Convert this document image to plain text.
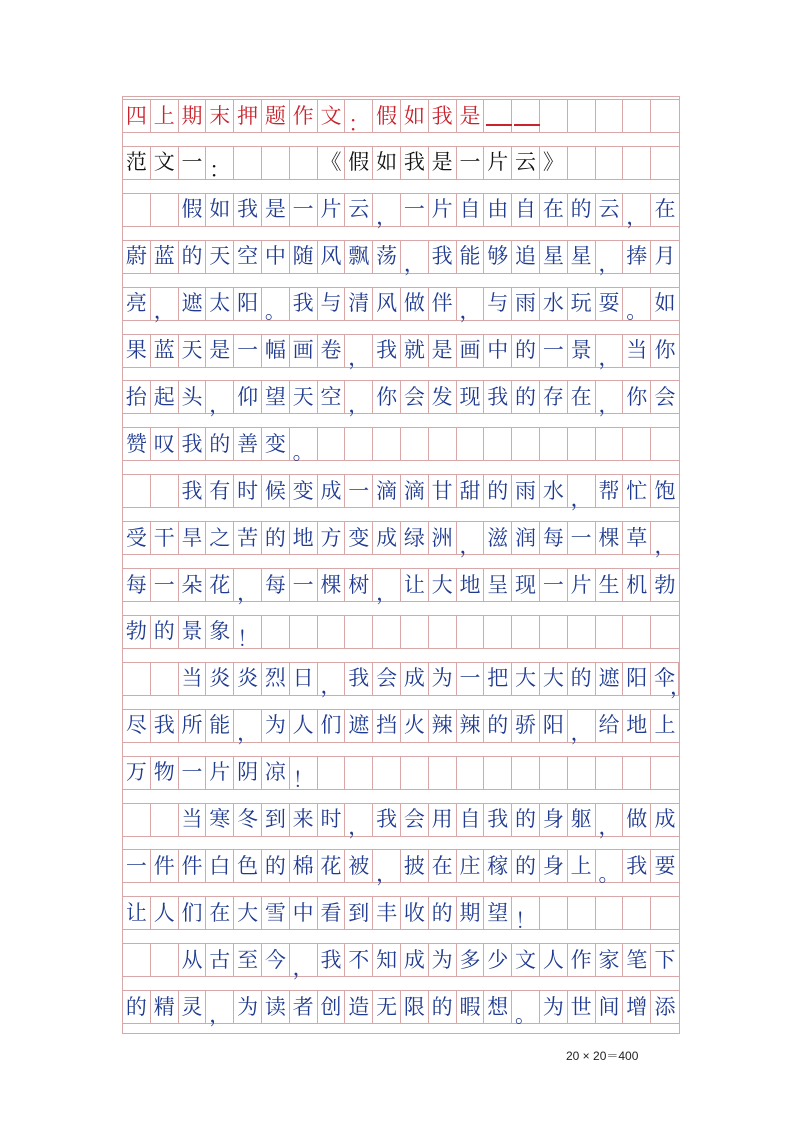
四 上 期 末 押 题 作 文 ： 假 如 我 是
范 文 一 ：	《 假 如 我 是 一 片 云 》
假 如 我 是 一 片 云 ， 一 片 自 由 自 在 的 云 ， 在
蔚 蓝 的 天 空 中 随 风 飘 荡 ， 我 能 够 追 星 星 ， 捧 月
亮 ， 遮 太 阳 。 我 与 清 风 做 伴 ， 与 雨 水 玩 耍 。 如
果 蓝 天 是 一 幅 画 卷 ， 我 就 是 画 中 的 一 景 ， 当 你
抬 起 头 ， 仰 望 天 空 ， 你 会 发 现 我 的 存 在 ， 你 会
赞 叹 我 的 善 变 。
我 有 时 候 变 成 一 滴 滴 甘 甜 的 雨 水 ， 帮 忙 饱
受 干 旱 之 苦 的 地 方 变 成 绿 洲 ， 滋 润 每 一 棵 草 ，
每 一 朵 花 ， 每 一 棵 树 ， 让 大 地 呈 现 一 片 生 机 勃
勃 的 景 象 ！
当 炎 炎 烈 日 ， 我 会 成 为 一 把 大 大 的 遮 阳 伞
，
尽 我 所 能 ， 为 人 们 遮 挡 火 辣 辣 的 骄 阳 ， 给 地 上
万 物 一 片 阴 凉 ！
当 寒 冬 到 来 时 ， 我 会 用 自 我 的 身 躯 ， 做 成
一 件 件 白 色 的 棉 花 被 ， 披 在 庄 稼 的 身 上 。 我 要
让 人 们 在 大 雪 中 看 到 丰 收 的 期 望 ！
从 古 至 今 ， 我 不 知 成 为 多 少 文 人 作 家 笔 下
的 精 灵 ， 为 读 者 创 造 无 限 的 暇 想 。 为 世 间 增 添
20 × 20＝400
